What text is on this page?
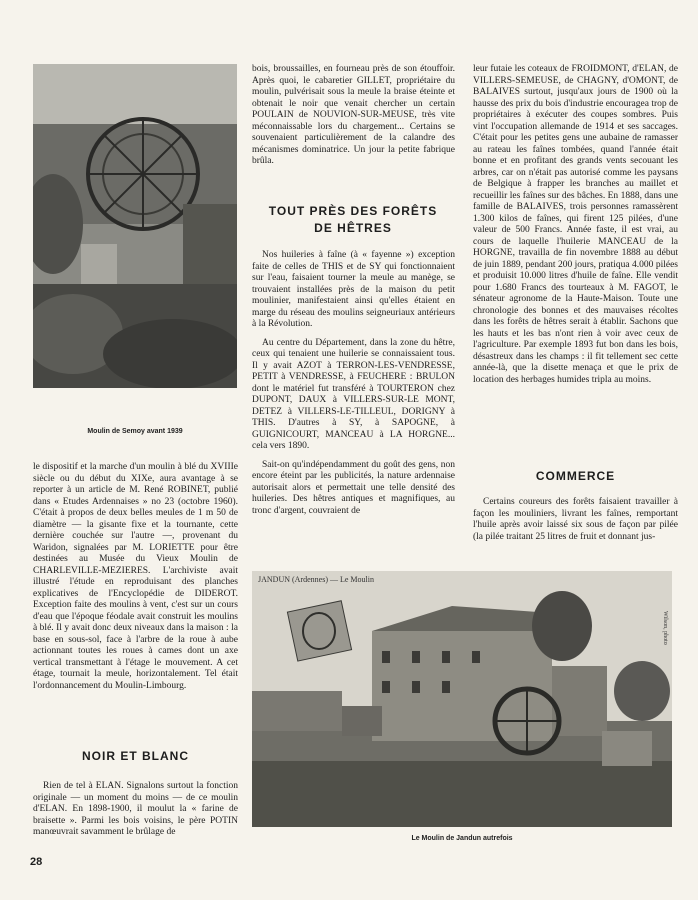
Moulin de Semoy avant 1939

le dispositif et la marche d'un moulin à blé du XVIIIe siècle ou du début du XIXe, aura avantage à se reporter à un article de M. René ROBINET, publié dans « Etudes Ardennaises » no 23 (octobre 1960). C'était à propos de deux belles meules de 1 m 50 de diamètre — la gisante fixe et la tournante, cette dernière couchée sur l'autre —, provenant du Waridon, signalées par M. LORIETTE pour être destinées au Musée du Vieux Moulin de CHARLEVILLE-MEZIERES. L'archiviste avait illustré l'étude en reproduisant des planches explicatives de l'Encyclopédie de DIDEROT. Exception faite des moulins à vent, c'est sur un cours d'eau que l'époque féodale avait construit les moulins à blé. Il y avait donc deux niveaux dans la maison : la base en sous-sol, face à l'arbre de la roue à aube actionnant toutes les roues à cames dont un axe vertical transmettant à l'étage le mouvement. A cet étage, tournait la meule, horizontalement. Tel était l'ordonnancement du Moulin-Limbourg.

NOIR ET BLANC

Rien de tel à ELAN. Signalons surtout la fonction originale — un moment du moins — de ce moulin d'ELAN. En 1898-1900, il moulut la « farine de braisette ». Parmi les bois voisins, le père POTIN manœuvrait savamment le brûlage de

bois, broussailles, en fourneau près de son étouffoir. Après quoi, le cabaretier GILLET, propriétaire du moulin, pulvérisait sous la meule la braise éteinte et obtenait le noir que venait chercher un certain POULAIN de NOUVION-SUR-MEUSE, très vite méconnaissable lors du chargement... Certains se souvenaient particulièrement de la calandre des mécanismes dominatrice. Un jour la petite fabrique brûla.

TOUT PRÈS DES FORÊTS DE HÊTRES

Nos huileries à faîne (à « fayenne ») exception faite de celles de THIS et de SY qui fonctionnaient sur l'eau, faisaient tourner la meule au manège, se trouvaient installées près de la maison du petit moulinier, manifestaient ainsi qu'elles étaient en marge du réseau des moulins seigneuriaux antérieurs à la Révolution.

Au centre du Département, dans la zone du hêtre, ceux qui tenaient une huilerie se connaissaient tous. Il y avait AZOT à TERRON-LES-VENDRESSE, PETIT à VENDRESSE, à FEUCHERE : BRULON dont le matériel fut transféré à TOURTERON chez DUPONT, DAUX à VILLERS-SUR-LE MONT, DETEZ à VILLERS-LE-TILLEUL, DORIGNY à THIS. D'autres à SY, à SAPOGNE, à GUIGNICOURT, MANCEAU à LA HORGNE... cela vers 1890.

Sait-on qu'indépendamment du goût des gens, non encore éteint par les publicités, la nature ardennaise autorisait alors et permettait une telle densité des huileries. Des hêtres antiques et magnifiques, au tronc d'argent, couvraient de

leur futaie les coteaux de FROIDMONT, d'ELAN, de VILLERS-SEMEUSE, de CHAGNY, d'OMONT, de BALAIVES surtout, jusqu'aux jours de 1900 où la hausse des prix du bois d'industrie encouragea trop de propriétaires à exécuter des coupes sombres. Puis vint l'occupation allemande de 1914 et ses saccages. C'était pour les petites gens une aubaine de ramasser au rateau les faînes tombées, quand l'année était bonne et en profitant des grands vents secouant les arbres, car on n'était pas autorisé comme les paysans de Belgique à frapper les branches au maillet et recueillir les faînes sur des bâches. En 1888, dans une famille de BALAIVES, trois personnes ramassèrent 1.300 kilos de faînes, qui firent 125 pilées, d'une valeur de 500 Francs. Année faste, il est vrai, au cours de laquelle l'huilerie MANCEAU de la HORGNE, travailla de fin novembre 1888 au début de juin 1889, pendant 200 jours, pratiqua 4.000 pilées et produisit 10.000 litres d'huile de faîne. Elle vendit pour 1.680 Francs des tourteaux à M. FAGOT, le sénateur agronome de la Haute-Maison. Toute une chronologie des bonnes et des mauvaises récoltes dans les forêts de hêtres serait à établir. Sachons que les hauts et les bas n'ont rien à voir avec ceux de l'agriculture. Par exemple 1893 fut bon dans les bois, désastreux dans les champs : il fit tellement sec cette année-là, que la disette menaça et que le prix de location des herbages humides tripla au moins.

COMMERCE

Certains coureurs des forêts faisaient travailler à façon les mouliniers, livrant les faînes, remportant l'huile après avoir laissé six sous de façon par pilée (la pilée traitant 25 litres de fruit et donnant jus-

JANDUN (Ardennes) — Le Moulin
Wilson, photo
Le Moulin de Jandun autrefois
28
